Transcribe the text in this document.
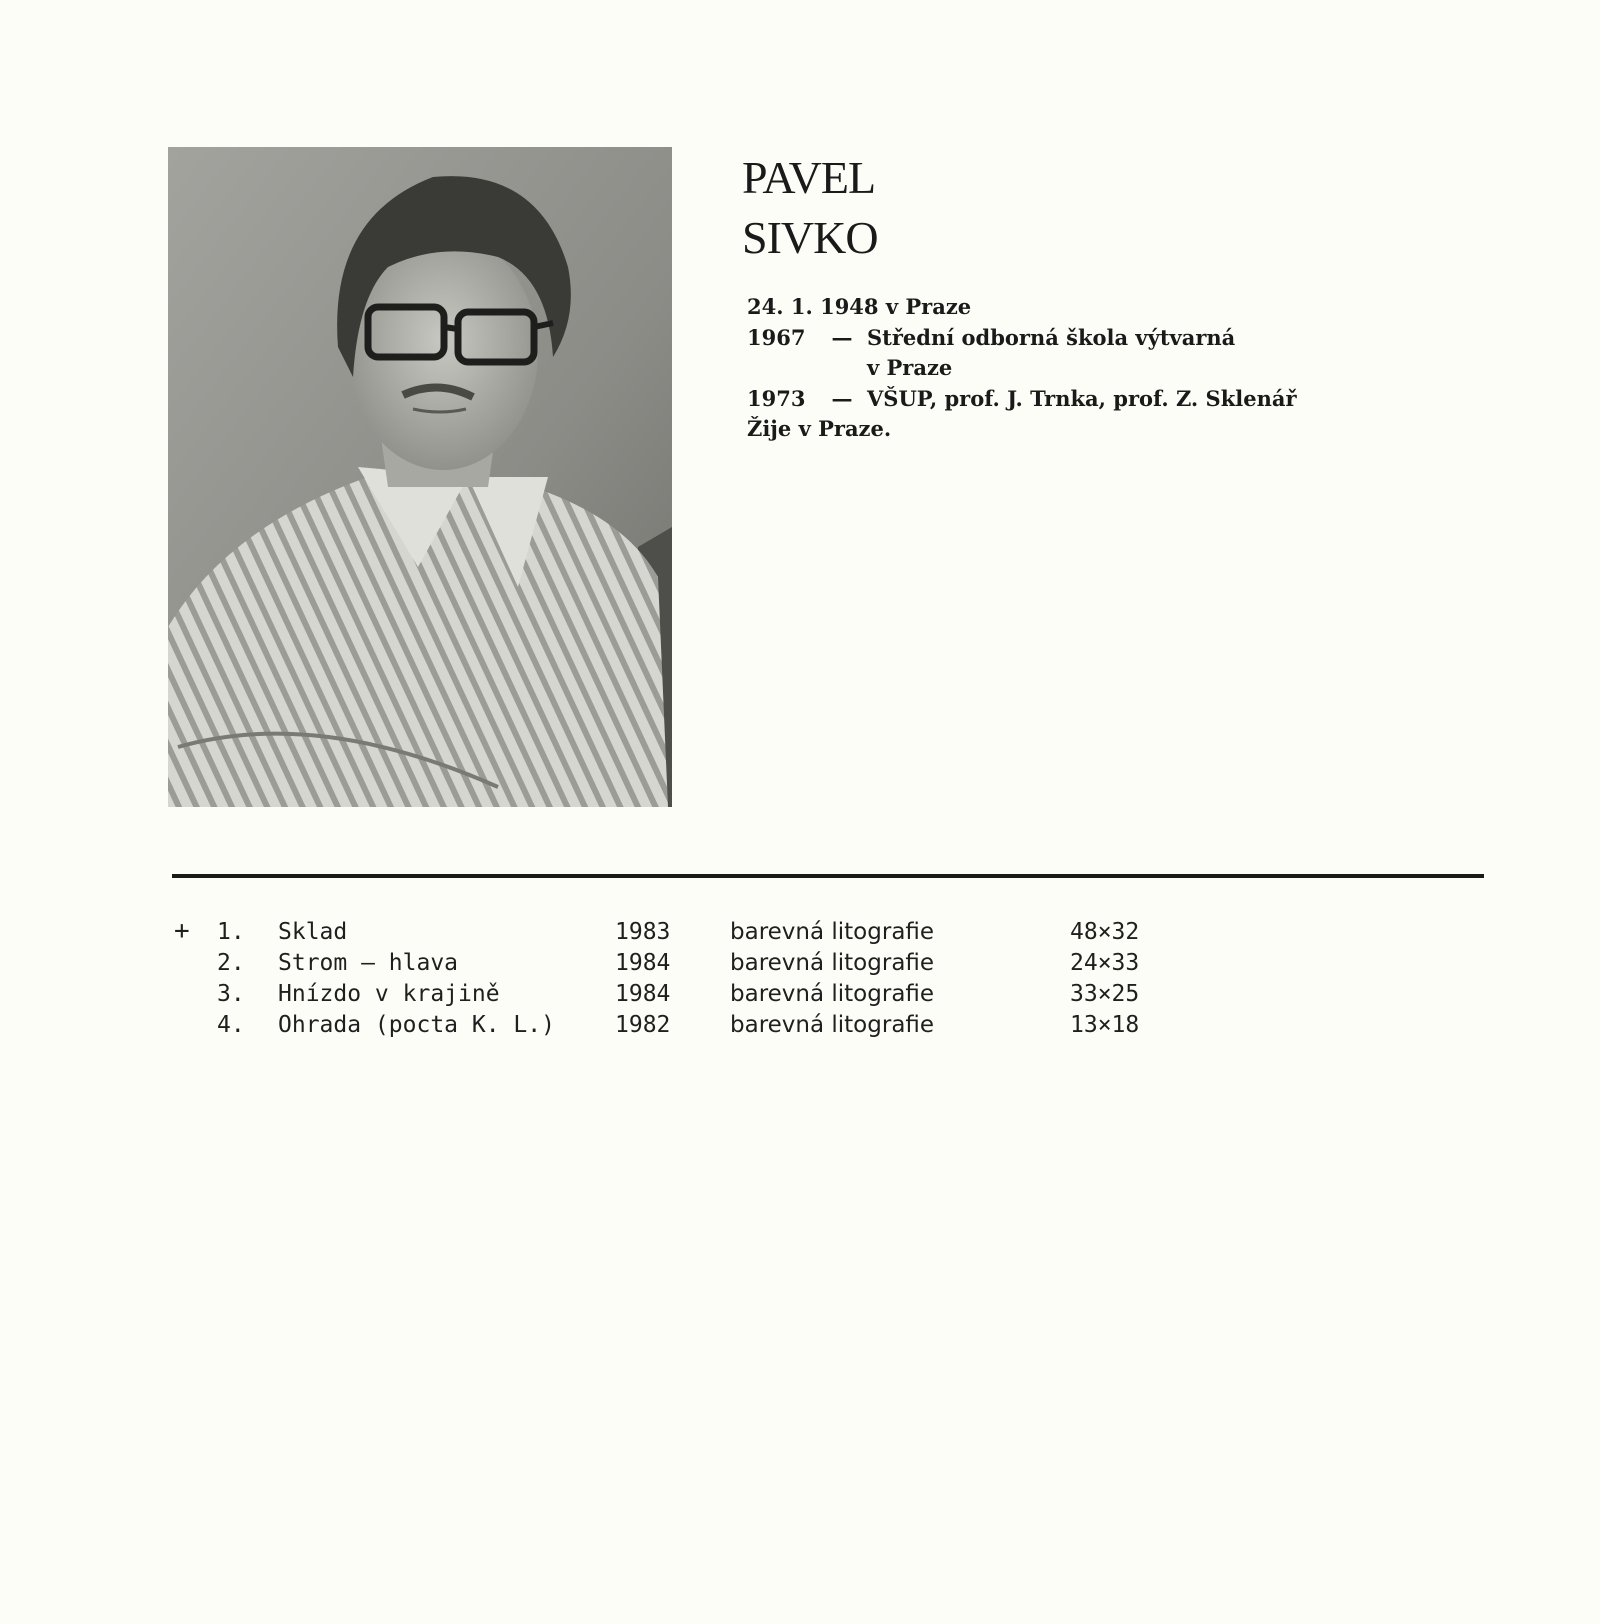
PAVEL
SIVKO
24. 1. 1948 v Praze
1967 — Střední odborná škola výtvarná
v Praze
1973 — VŠUP, prof. J. Trnka, prof. Z. Sklenář
Žije v Praze.
+ 1. Sklad	1983	barevná litografie	48×32
2. Strom — hlava	1984	barevná litografie	24×33
3. Hnízdo v krajině	1984	barevná litografie	33×25
4. Ohrada (pocta K. L.)	1982	barevná litografie	13×18
